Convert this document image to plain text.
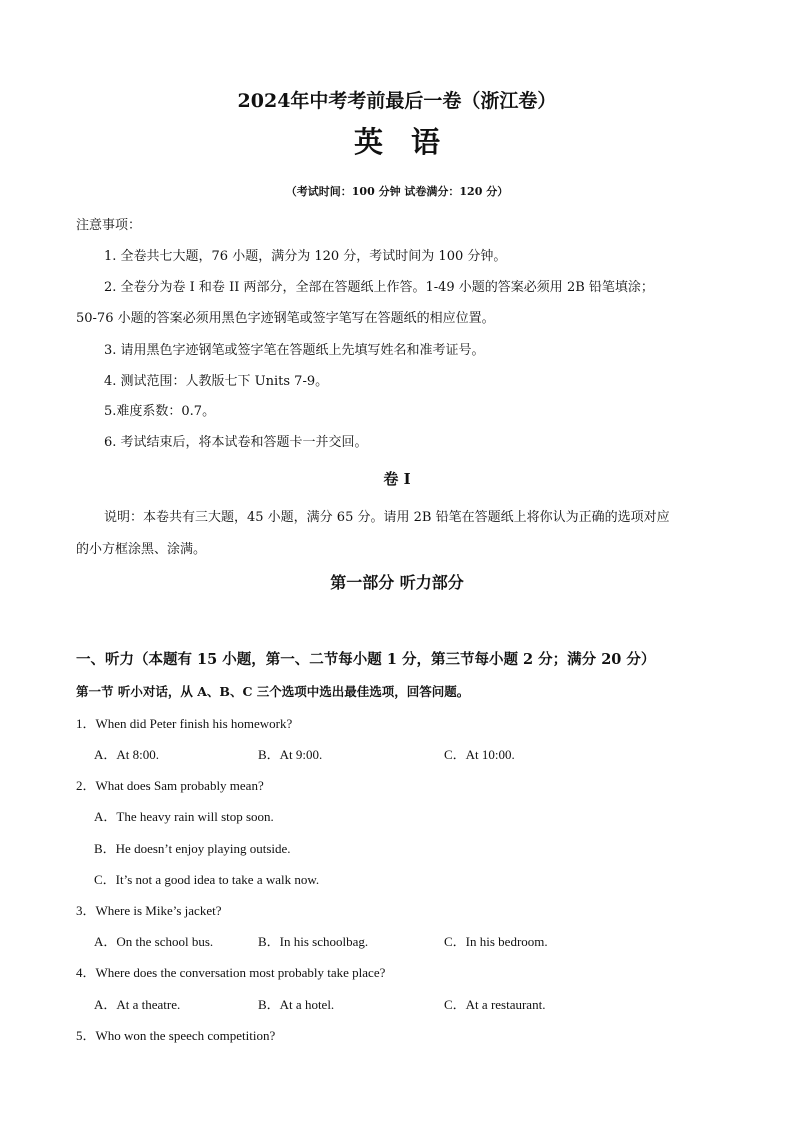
2024年中考考前最后一卷（浙江卷）
英语
（考试时间：100 分钟 试卷满分：120 分）
注意事项：
1. 全卷共七大题，76 小题，满分为 120 分，考试时间为 100 分钟。
2. 全卷分为卷 I 和卷 II 两部分，全部在答题纸上作答。1-49 小题的答案必须用 2B 铅笔填涂；
50-76 小题的答案必须用黑色字迹钢笔或签字笔写在答题纸的相应位置。
3. 请用黑色字迹钢笔或签字笔在答题纸上先填写姓名和准考证号。
4. 测试范围：人教版七下 Units 7-9。
5.难度系数：0.7。
6. 考试结束后，将本试卷和答题卡一并交回。
卷 I
说明：本卷共有三大题，45 小题，满分 65 分。请用 2B 铅笔在答题纸上将你认为正确的选项对应
的小方框涂黑、涂满。
第一部分 听力部分
一、听力（本题有 15 小题，第一、二节每小题 1 分，第三节每小题 2 分；满分 20 分）
第一节 听小对话，从 A、B、C 三个选项中选出最佳选项，回答问题。
1．When did Peter finish his homework?
A．At 8:00.	B．At 9:00.	C．At 10:00.
2．What does Sam probably mean?
A．The heavy rain will stop soon.
B．He doesn’t enjoy playing outside.
C．It’s not a good idea to take a walk now.
3．Where is Mike’s jacket?
A．On the school bus.	B．In his schoolbag.	C．In his bedroom.
4．Where does the conversation most probably take place?
A．At a theatre.	B．At a hotel.	C．At a restaurant.
5．Who won the speech competition?
